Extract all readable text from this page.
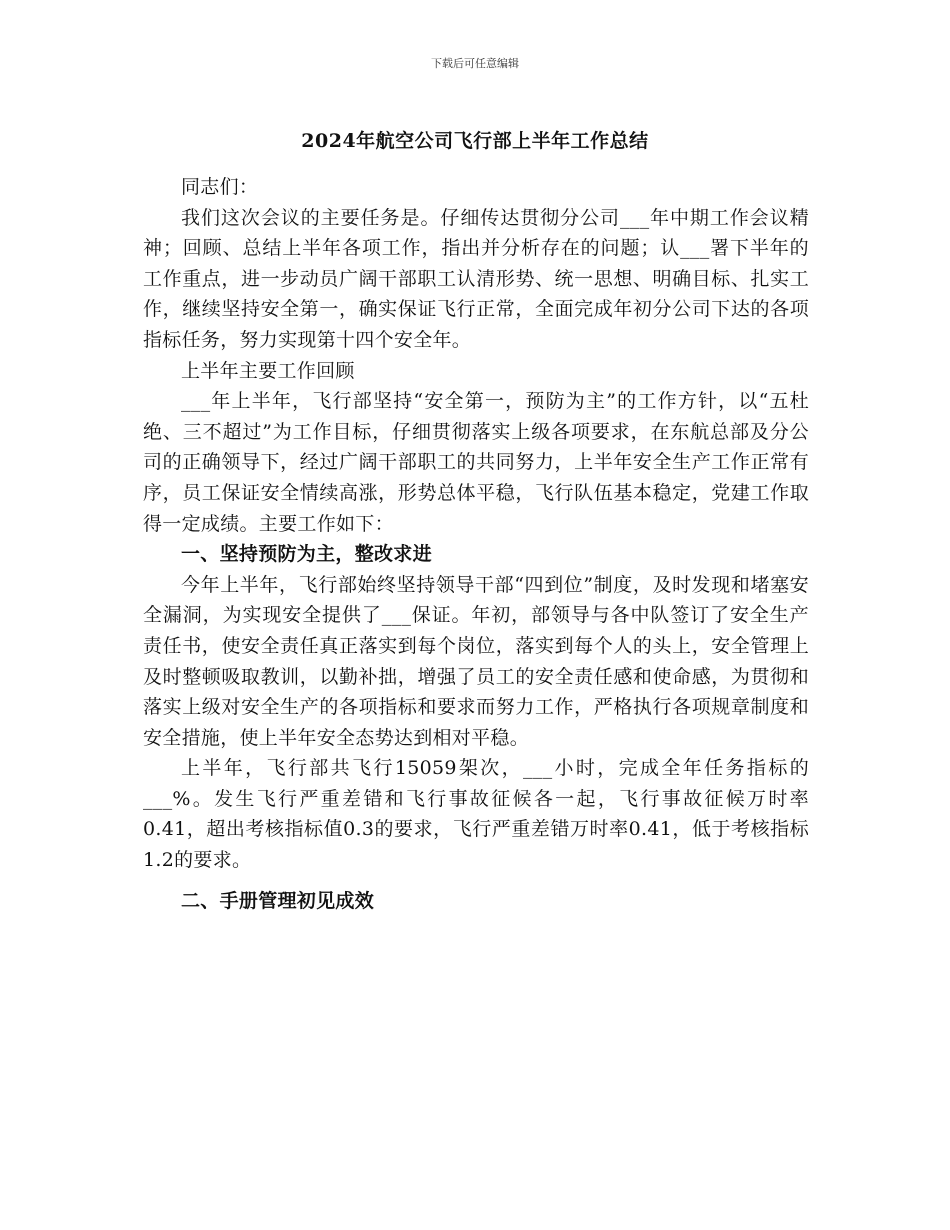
下载后可任意编辑
2024年航空公司飞行部上半年工作总结

同志们：

我们这次会议的主要任务是。仔细传达贯彻分公司___年中期工作会议精神；回顾、总结上半年各项工作，指出并分析存在的问题；认___署下半年的工作重点，进一步动员广阔干部职工认清形势、统一思想、明确目标、扎实工作，继续坚持安全第一，确实保证飞行正常，全面完成年初分公司下达的各项指标任务，努力实现第十四个安全年。

上半年主要工作回顾

___年上半年，飞行部坚持“安全第一，预防为主”的工作方针，以“五杜绝、三不超过”为工作目标，仔细贯彻落实上级各项要求，在东航总部及分公司的正确领导下，经过广阔干部职工的共同努力，上半年安全生产工作正常有序，员工保证安全情续高涨，形势总体平稳，飞行队伍基本稳定，党建工作取得一定成绩。主要工作如下：

一、坚持预防为主，整改求进

今年上半年，飞行部始终坚持领导干部“四到位”制度，及时发现和堵塞安全漏洞，为实现安全提供了___保证。年初，部领导与各中队签订了安全生产责任书，使安全责任真正落实到每个岗位，落实到每个人的头上，安全管理上及时整顿吸取教训，以勤补拙，增强了员工的安全责任感和使命感，为贯彻和落实上级对安全生产的各项指标和要求而努力工作，严格执行各项规章制度和安全措施，使上半年安全态势达到相对平稳。

上半年，飞行部共飞行15059架次，___小时，完成全年任务指标的___%。发生飞行严重差错和飞行事故征候各一起，飞行事故征候万时率0.41，超出考核指标值0.3的要求，飞行严重差错万时率0.41，低于考核指标1.2的要求。

二、手册管理初见成效
